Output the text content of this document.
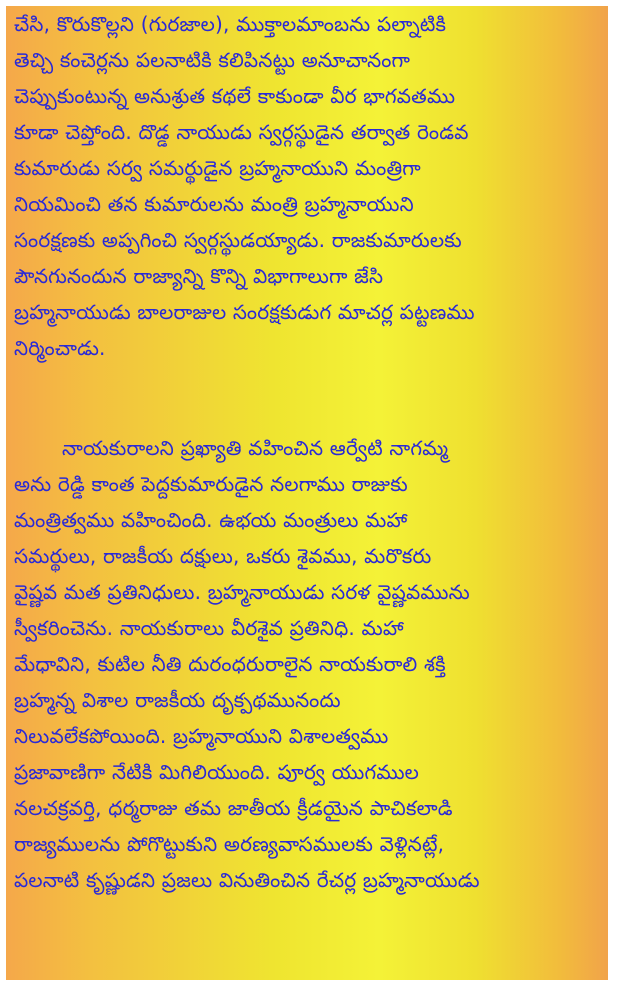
చేసి, కొరుకొల్లని (గురజాల), ముక్తాలమాంబను పల్నాటికి
తెచ్చి కంచెర్లను పలనాటికి కలిపినట్టు అనూచానంగా
చెప్పుకుంటున్న అనుశ్రుత కథలే కాకుండా వీర భాగవతము
కూడా చెప్తోంది. దొడ్డ నాయుడు స్వర్గస్థుడైన తర్వాత రెండవ
కుమారుడు సర్వ సమర్థుడైన బ్రహ్మనాయుని మంత్రిగా
నియమించి తన కుమారులను మంత్రి బ్రహ్మనాయుని
సంరక్షణకు అప్పగించి స్వర్గస్థుడయ్యాడు. రాజకుమారులకు
పౌనగునందున రాజ్యాన్ని కొన్ని విభాగాలుగా జేసి
బ్రహ్మనాయుడు బాలరాజుల సంరక్షకుడుగ మాచర్ల పట్టణము
నిర్మించాడు.
నాయకురాలని ప్రఖ్యాతి వహించిన ఆర్వేటి నాగమ్మ
అను రెడ్డి కాంత పెద్దకుమారుడైన నలగాము రాజుకు
మంత్రిత్వము వహించింది. ఉభయ మంత్రులు మహా
సమర్థులు, రాజకీయ దక్షులు, ఒకరు శైవము, మరొకరు
వైష్ణవ మత ప్రతినిధులు. బ్రహ్మనాయుడు సరళ వైష్ణవమును
స్వీకరించెను. నాయకురాలు వీరశైవ ప్రతినిధి. మహా
మేధావిని, కుటిల నీతి దురంధరురాలైన నాయకురాలి శక్తి
బ్రహ్మన్న విశాల రాజకీయ దృక్పథమునందు
నిలువలేకపోయింది. బ్రహ్మనాయుని విశాలత్వము
ప్రజావాణిగా నేటికి మిగిలియుంది. పూర్వ యుగముల
నలచక్రవర్తి, ధర్మరాజు తమ జాతీయ క్రీడయైన పాచికలాడి
రాజ్యములను పోగొట్టుకుని అరణ్యవాసములకు వెళ్లినట్లే,
పలనాటి కృష్ణుడని ప్రజలు వినుతించిన రేచర్ల బ్రహ్మనాయుడు
